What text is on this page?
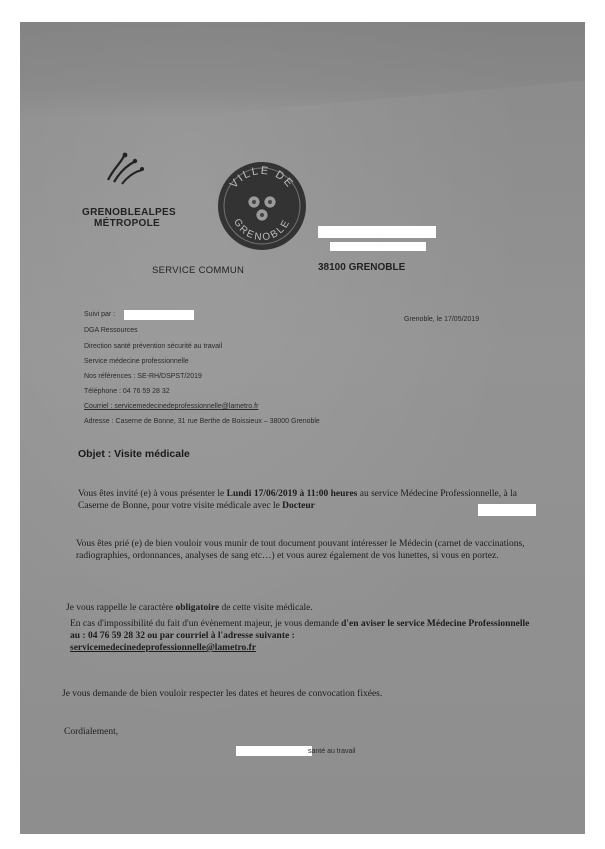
GRENOBLEALPES
MÉTROPOLE
VILLE DE
GRENOBLE
38100 GRENOBLE
SERVICE COMMUN
Suivi par :
DGA Ressources
Direction santé prévention sécurité au travail
Service médecine professionnelle
Nos références : SE-RH/DSPST/2019
Téléphone : 04 76 59 28 32
Courriel : servicemedecinedeprofessionnelle@lametro.fr
Adresse : Caserne de Bonne, 31 rue Berthe de Boissieux – 38000 Grenoble
Grenoble, le 17/05/2019
Objet : Visite médicale
Vous êtes invité (e) à vous présenter le Lundi 17/06/2019 à 11:00 heures au service Médecine Professionnelle, à la Caserne de Bonne, pour votre visite médicale avec le Docteur
Vous êtes prié (e) de bien vouloir vous munir de tout document pouvant intéresser le Médecin (carnet de vaccinations, radiographies, ordonnances, analyses de sang etc…) et vous aurez également de vos lunettes, si vous en portez.
Je vous rappelle le caractère obligatoire de cette visite médicale.
En cas d'impossibilité du fait d'un évènement majeur, je vous demande d'en aviser le service Médecine Professionnelle au : 04 76 59 28 32 ou par courriel à l'adresse suivante :
servicemedecinedeprofessionnelle@lametro.fr
Je vous demande de bien vouloir respecter les dates et heures de convocation fixées.
Cordialement,
santé au travail
